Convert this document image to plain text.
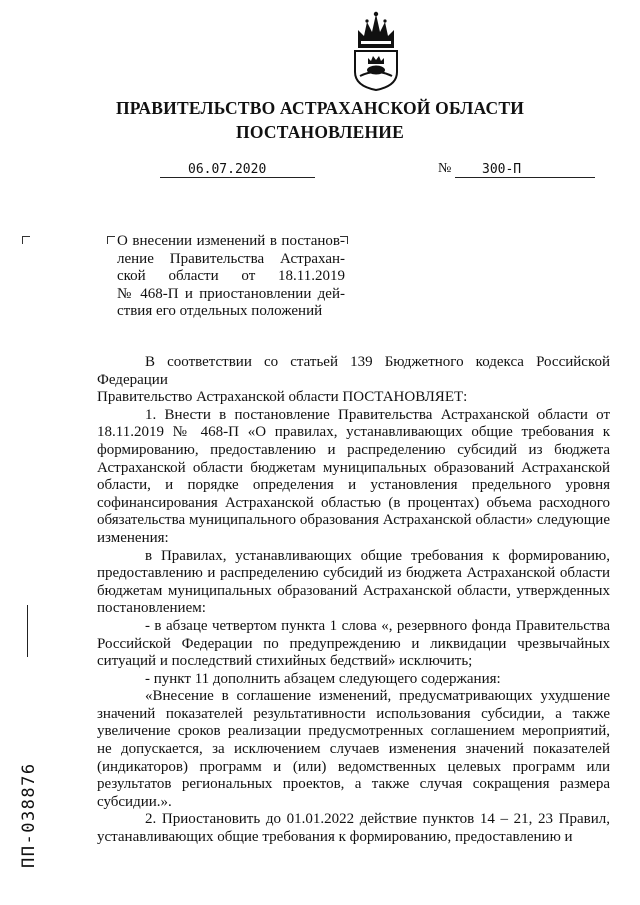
ПРАВИТЕЛЬСТВО АСТРАХАНСКОЙ ОБЛАСТИ
ПОСТАНОВЛЕНИЕ
06.07.2020	№ 300-П
О внесении изменений в постанов-
ление Правительства Астрахан-
ской области от 18.11.2019
№ 468-П и приостановлении дей-
ствия его отдельных положений

В соответствии со статьей 139 Бюджетного кодекса Российской Федерации

Правительство Астраханской области ПОСТАНОВЛЯЕТ:

1. Внести в постановление Правительства Астраханской области от 18.11.2019 № 468-П «О правилах, устанавливающих общие требования к формированию, предоставлению и распределению субсидий из бюджета Астраханской области бюджетам муниципальных образований Астраханской области, и порядке определения и установления предельного уровня софинансирования Астраханской областью (в процентах) объема расходного обязательства муниципального образования Астраханской области» следующие изменения:

в Правилах, устанавливающих общие требования к формированию, предоставлению и распределению субсидий из бюджета Астраханской области бюджетам муниципальных образований Астраханской области, утвержденных постановлением:

- в абзаце четвертом пункта 1 слова «, резервного фонда Правительства Российской Федерации по предупреждению и ликвидации чрезвычайных ситуаций и последствий стихийных бедствий» исключить;

- пункт 11 дополнить абзацем следующего содержания:

«Внесение в соглашение изменений, предусматривающих ухудшение значений показателей результативности использования субсидии, а также увеличение сроков реализации предусмотренных соглашением мероприятий, не допускается, за исключением случаев изменения значений показателей (индикаторов) программ и (или) ведомственных целевых программ или результатов региональных проектов, а также случая сокращения размера субсидии.».

2. Приостановить до 01.01.2022 действие пунктов 14 – 21, 23 Правил, устанавливающих общие требования к формированию, предоставлению и

ПП-038876
